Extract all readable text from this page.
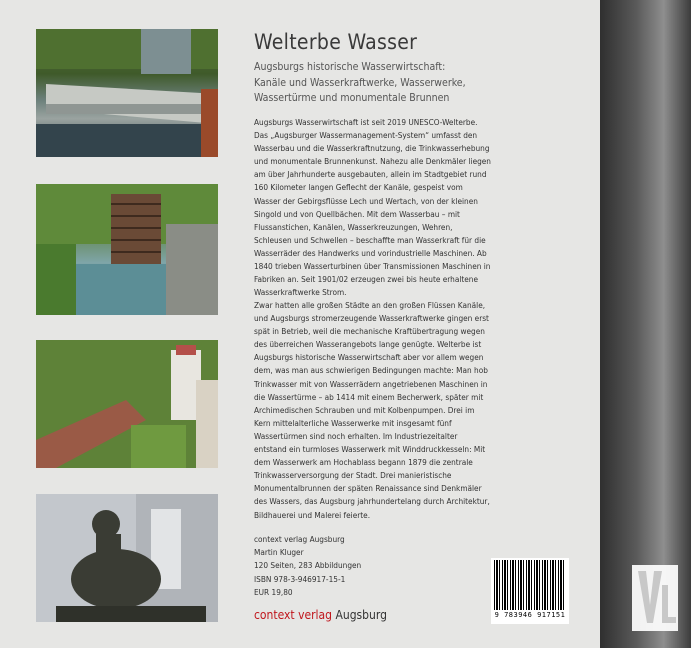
Welterbe Wasser
Augsburgs historische Wasserwirtschaft:
Kanäle und Wasserkraftwerke, Wasserwerke,
Wassertürme und monumentale Brunnen

Augsburgs Wasserwirtschaft ist seit 2019 UNESCO-Welterbe. Das „Augsburger Wassermanagement-System“ umfasst den Wasserbau und die Wasserkraftnutzung, die Trinkwasserhebung und monumentale Brunnenkunst. Nahezu alle Denkmäler liegen am über Jahrhunderte ausgebauten, allein im Stadtgebiet rund 160 Kilometer langen Geflecht der Kanäle, gespeist vom Wasser der Gebirgsflüsse Lech und Wertach, von der kleinen Singold und von Quellbächen. Mit dem Wasserbau – mit Flussanstichen, Kanälen, Wasserkreuzungen, Wehren, Schleusen und Schwellen – beschaffte man Wasserkraft für die Wasserräder des Handwerks und vorindustrielle Maschinen. Ab 1840 trieben Wasserturbinen über Transmissionen Maschinen in Fabriken an. Seit 1901/02 erzeugen zwei bis heute erhaltene Wasserkraftwerke Strom.

Zwar hatten alle großen Städte an den großen Flüssen Kanäle, und Augsburgs stromerzeugende Wasserkraftwerke gingen erst spät in Betrieb, weil die mechanische Kraftübertragung wegen des überreichen Wasserangebots lange genügte. Welterbe ist Augsburgs historische Wasserwirtschaft aber vor allem wegen dem, was man aus schwierigen Bedingungen machte: Man hob Trinkwasser mit von Wasserrädern angetriebenen Maschinen in die Wassertürme – ab 1414 mit einem Becherwerk, später mit Archimedischen Schrauben und mit Kolbenpumpen. Drei im Kern mittelalterliche Wasserwerke mit insgesamt fünf Wassertürmen sind noch erhalten. Im Industriezeitalter entstand ein turmloses Wasserwerk mit Winddruckkesseln: Mit dem Wasserwerk am Hochablass begann 1879 die zentrale Trinkwasserversorgung der Stadt. Drei manieristische Monumentalbrunnen der späten Renaissance sind Denkmäler des Wassers, das Augsburg jahrhundertelang durch Architektur, Bildhauerei und Malerei feierte.

context verlag Augsburg
Martin Kluger
120 Seiten, 283 Abbildungen
ISBN 978-3-946917-15-1
EUR 19,80
context verlag Augsburg	9 783946 917151
